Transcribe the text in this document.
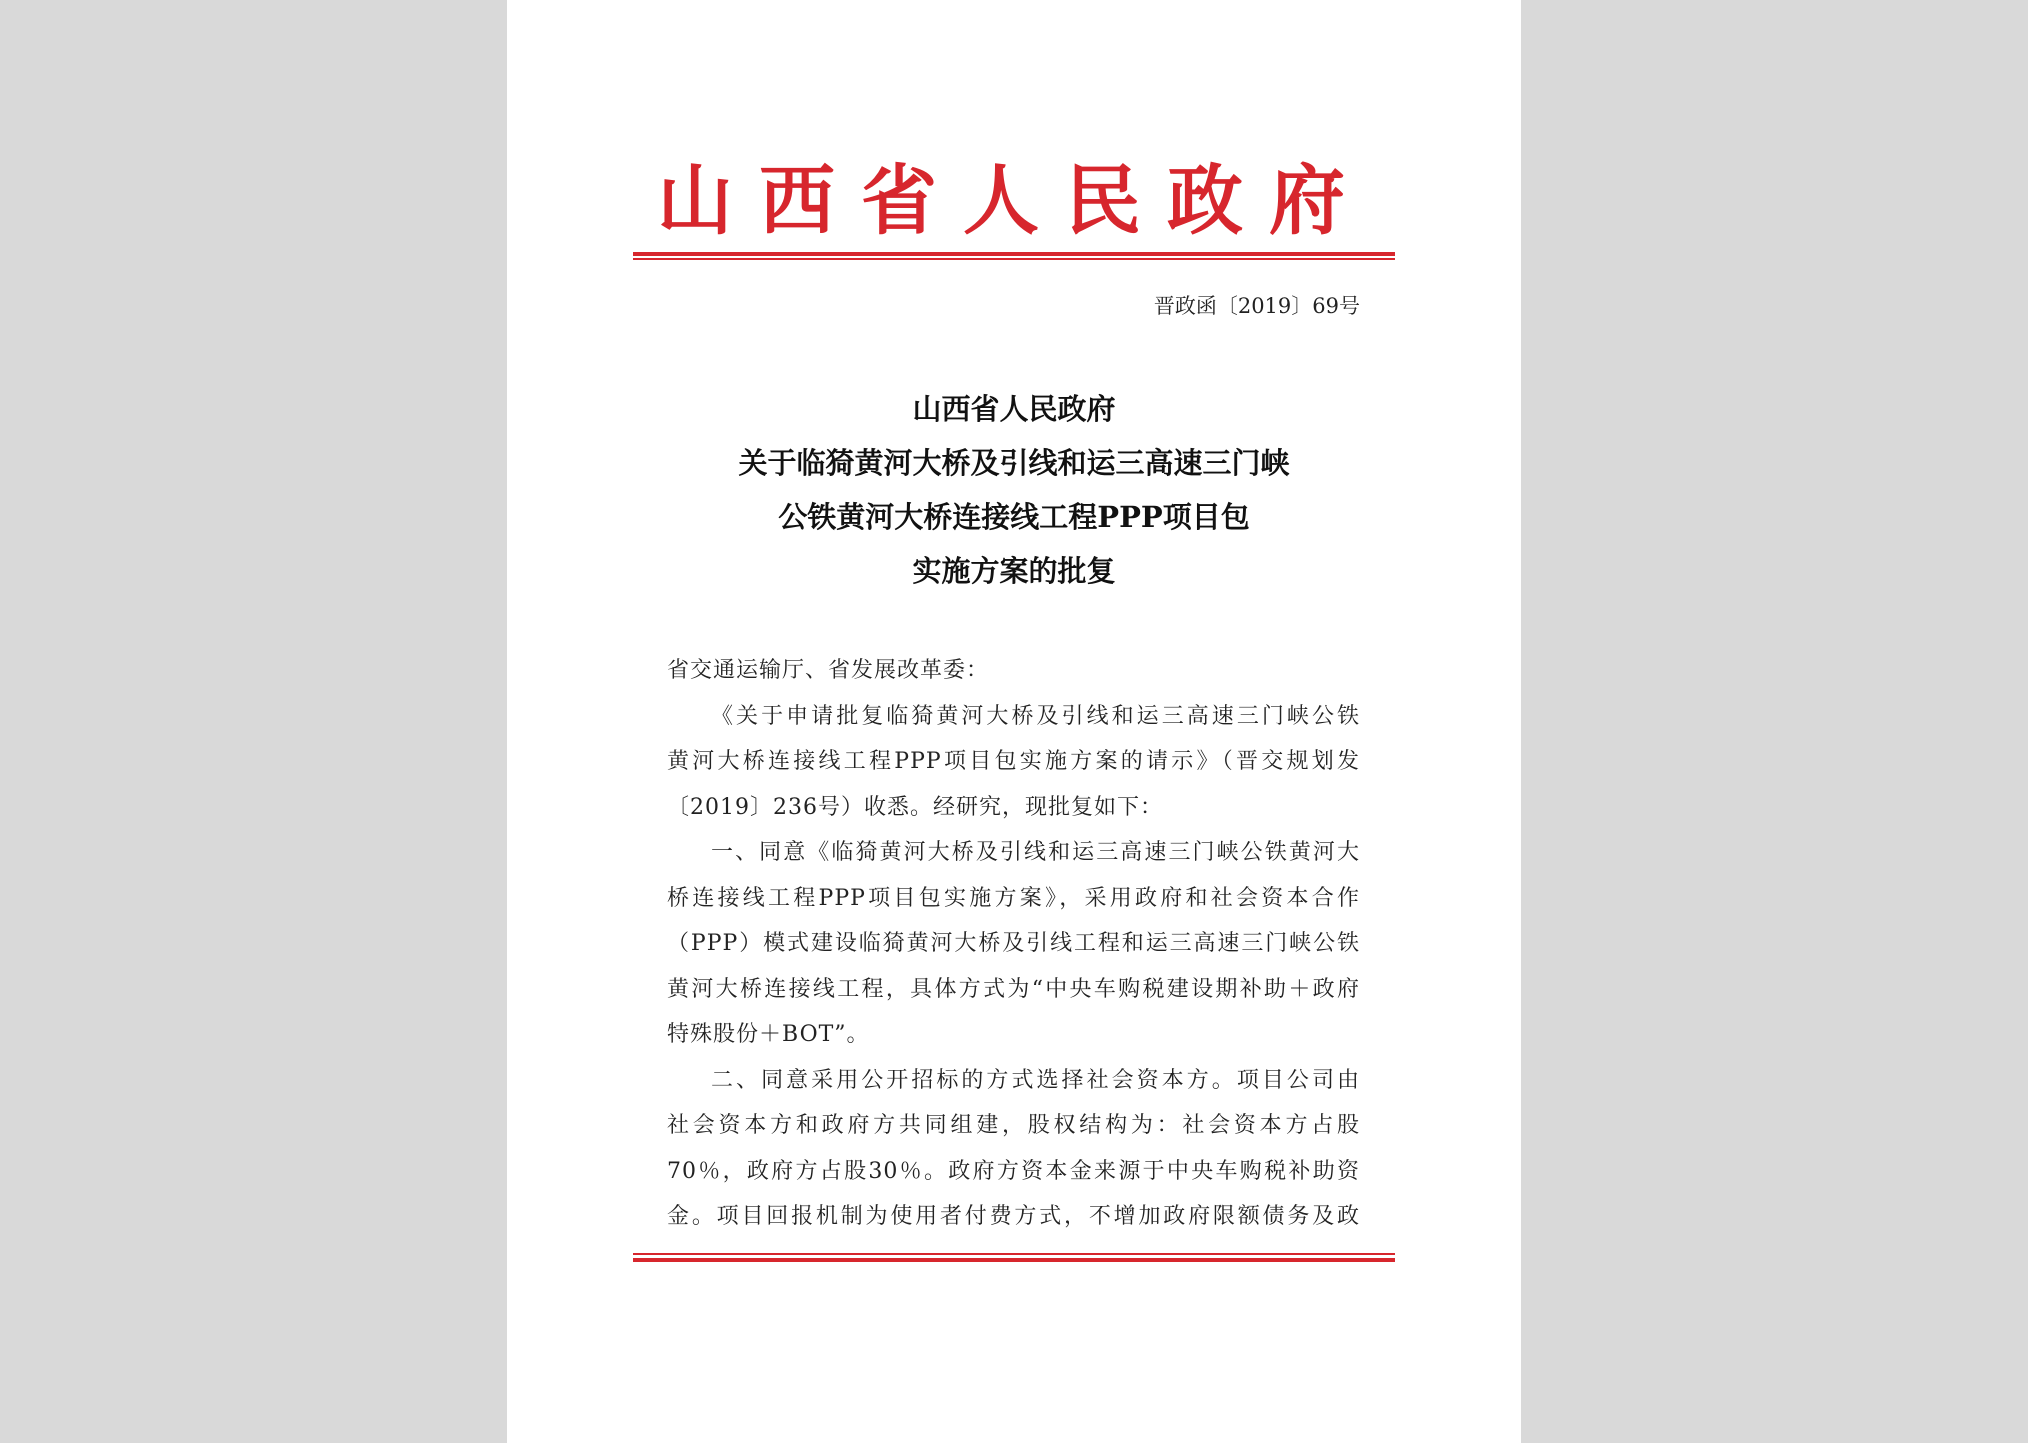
山西省人民政府
晋政函〔2019〕69号
山西省人民政府
关于临猗黄河大桥及引线和运三高速三门峡
公铁黄河大桥连接线工程PPP项目包
实施方案的批复
省交通运输厅、省发展改革委：
《关于申请批复临猗黄河大桥及引线和运三高速三门峡公铁
黄河大桥连接线工程PPP项目包实施方案的请示》（晋交规划发
〔2019〕236号）收悉。经研究，现批复如下：
一、同意《临猗黄河大桥及引线和运三高速三门峡公铁黄河大
桥连接线工程PPP项目包实施方案》，采用政府和社会资本合作
（PPP）模式建设临猗黄河大桥及引线工程和运三高速三门峡公铁
黄河大桥连接线工程，具体方式为“中央车购税建设期补助＋政府
特殊股份＋BOT”。
二、同意采用公开招标的方式选择社会资本方。项目公司由
社会资本方和政府方共同组建，股权结构为：社会资本方占股
70％，政府方占股30％。政府方资本金来源于中央车购税补助资
金。项目回报机制为使用者付费方式，不增加政府限额债务及政
